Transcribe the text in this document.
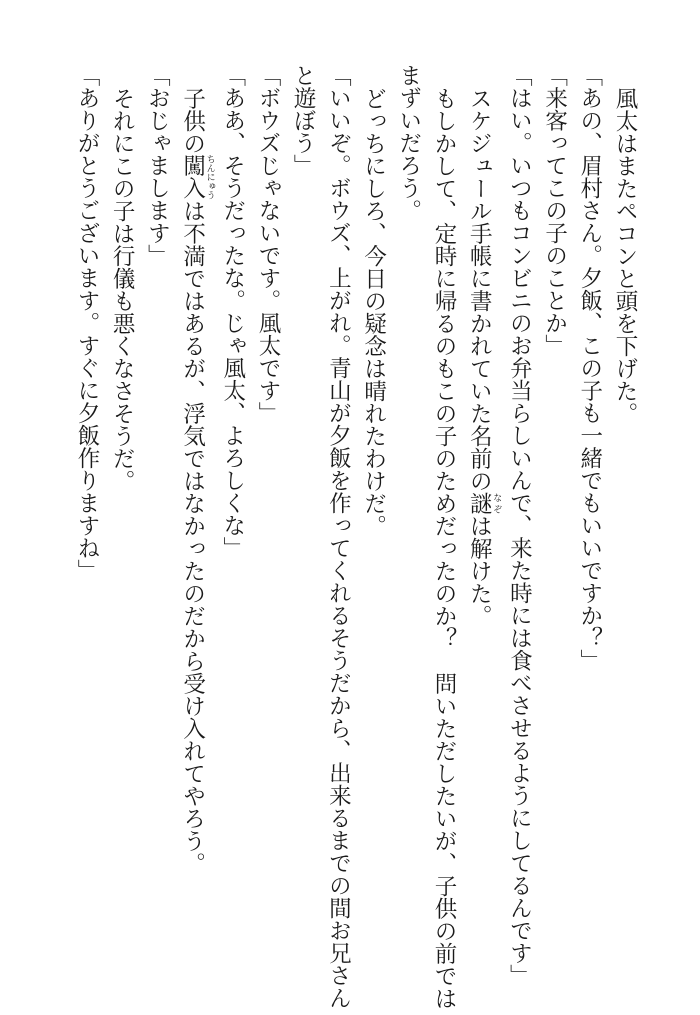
風太はまたペコンと頭を下げた。
「あの、眉村さん。夕飯、この子も一緒でもいいですか？」
「来客ってこの子のことか」
「はい。いつもコンビニのお弁当らしいんで、来た時には食べさせるようにしてるんです」
スケジュール手帳に書かれていた名前の謎 なぞは解けた。
もしかして、定時に帰るのもこの子のためだったのか？　問いただしたいが、子供の前では
まずいだろう。
どっちにしろ、今日の疑念は晴れたわけだ。
「いいぞ。ボウズ、上がれ。青山が夕飯を作ってくれるそうだから、出来るまでの間お兄さん
と遊ぼう」
「ボウズじゃないです。風太です」
「ああ、そうだったな。じゃ風太、よろしくな」
子供の闖入 ちんにゅうは不満ではあるが、浮気ではなかったのだから受け入れてやろう。
「おじゃまします」
それにこの子は行儀も悪くなさそうだ。
「ありがとうございます。すぐに夕飯作りますね」
